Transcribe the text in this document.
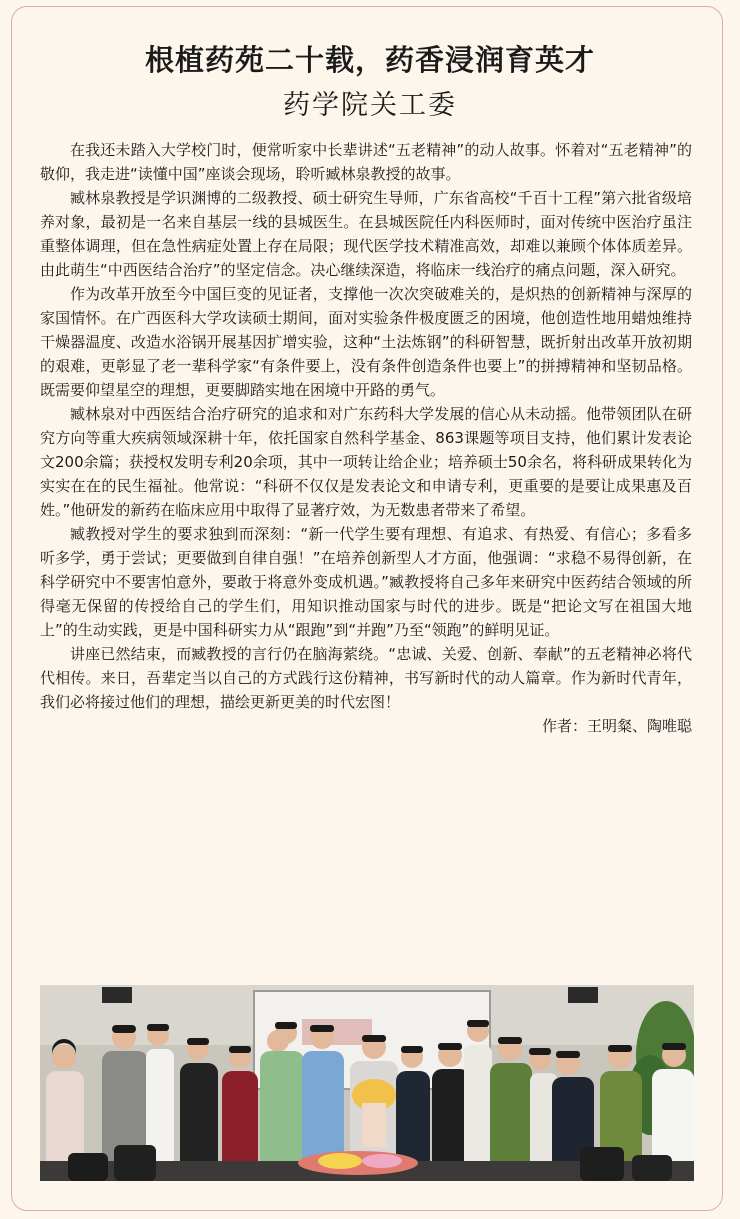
根植药苑二十载，药香浸润育英才
药学院关工委

在我还未踏入大学校门时，便常听家中长辈讲述“五老精神”的动人故事。怀着对“五老精神”的敬仰，我走进“读懂中国”座谈会现场，聆听臧林泉教授的故事。

臧林泉教授是学识渊博的二级教授、硕士研究生导师，广东省高校“千百十工程”第六批省级培养对象，最初是一名来自基层一线的县城医生。在县城医院任内科医师时，面对传统中医治疗虽注重整体调理，但在急性病症处置上存在局限；现代医学技术精准高效，却难以兼顾个体体质差异。由此萌生“中西医结合治疗”的坚定信念。决心继续深造，将临床一线治疗的痛点问题，深入研究。

作为改革开放至今中国巨变的见证者，支撑他一次次突破难关的，是炽热的创新精神与深厚的家国情怀。在广西医科大学攻读硕士期间，面对实验条件极度匮乏的困境，他创造性地用蜡烛维持干燥器温度、改造水浴锅开展基因扩增实验，这种“土法炼钢”的科研智慧，既折射出改革开放初期的艰难，更彰显了老一辈科学家“有条件要上，没有条件创造条件也要上”的拼搏精神和坚韧品格。既需要仰望星空的理想，更要脚踏实地在困境中开路的勇气。

臧林泉对中西医结合治疗研究的追求和对广东药科大学发展的信心从未动摇。他带领团队在研究方向等重大疾病领域深耕十年，依托国家自然科学基金、863课题等项目支持，他们累计发表论文200余篇；获授权发明专利20余项，其中一项转让给企业；培养硕士50余名，将科研成果转化为实实在在的民生福祉。他常说：“科研不仅仅是发表论文和申请专利，更重要的是要让成果惠及百姓。”他研发的新药在临床应用中取得了显著疗效，为无数患者带来了希望。

臧教授对学生的要求独到而深刻：“新一代学生要有理想、有追求、有热爱、有信心；多看多听多学，勇于尝试；更要做到自律自强！”在培养创新型人才方面，他强调：“求稳不易得创新，在科学研究中不要害怕意外，要敢于将意外变成机遇。”臧教授将自己多年来研究中医药结合领域的所得毫无保留的传授给自己的学生们，用知识推动国家与时代的进步。既是“把论文写在祖国大地上”的生动实践，更是中国科研实力从“跟跑”到“并跑”乃至“领跑”的鲜明见证。

讲座已然结束，而臧教授的言行仍在脑海萦绕。“忠诚、关爱、创新、奉献”的五老精神必将代代相传。来日，吾辈定当以自己的方式践行这份精神，书写新时代的动人篇章。作为新时代青年，我们必将接过他们的理想，描绘更新更美的时代宏图！

作者：王明粲、陶唯聪
